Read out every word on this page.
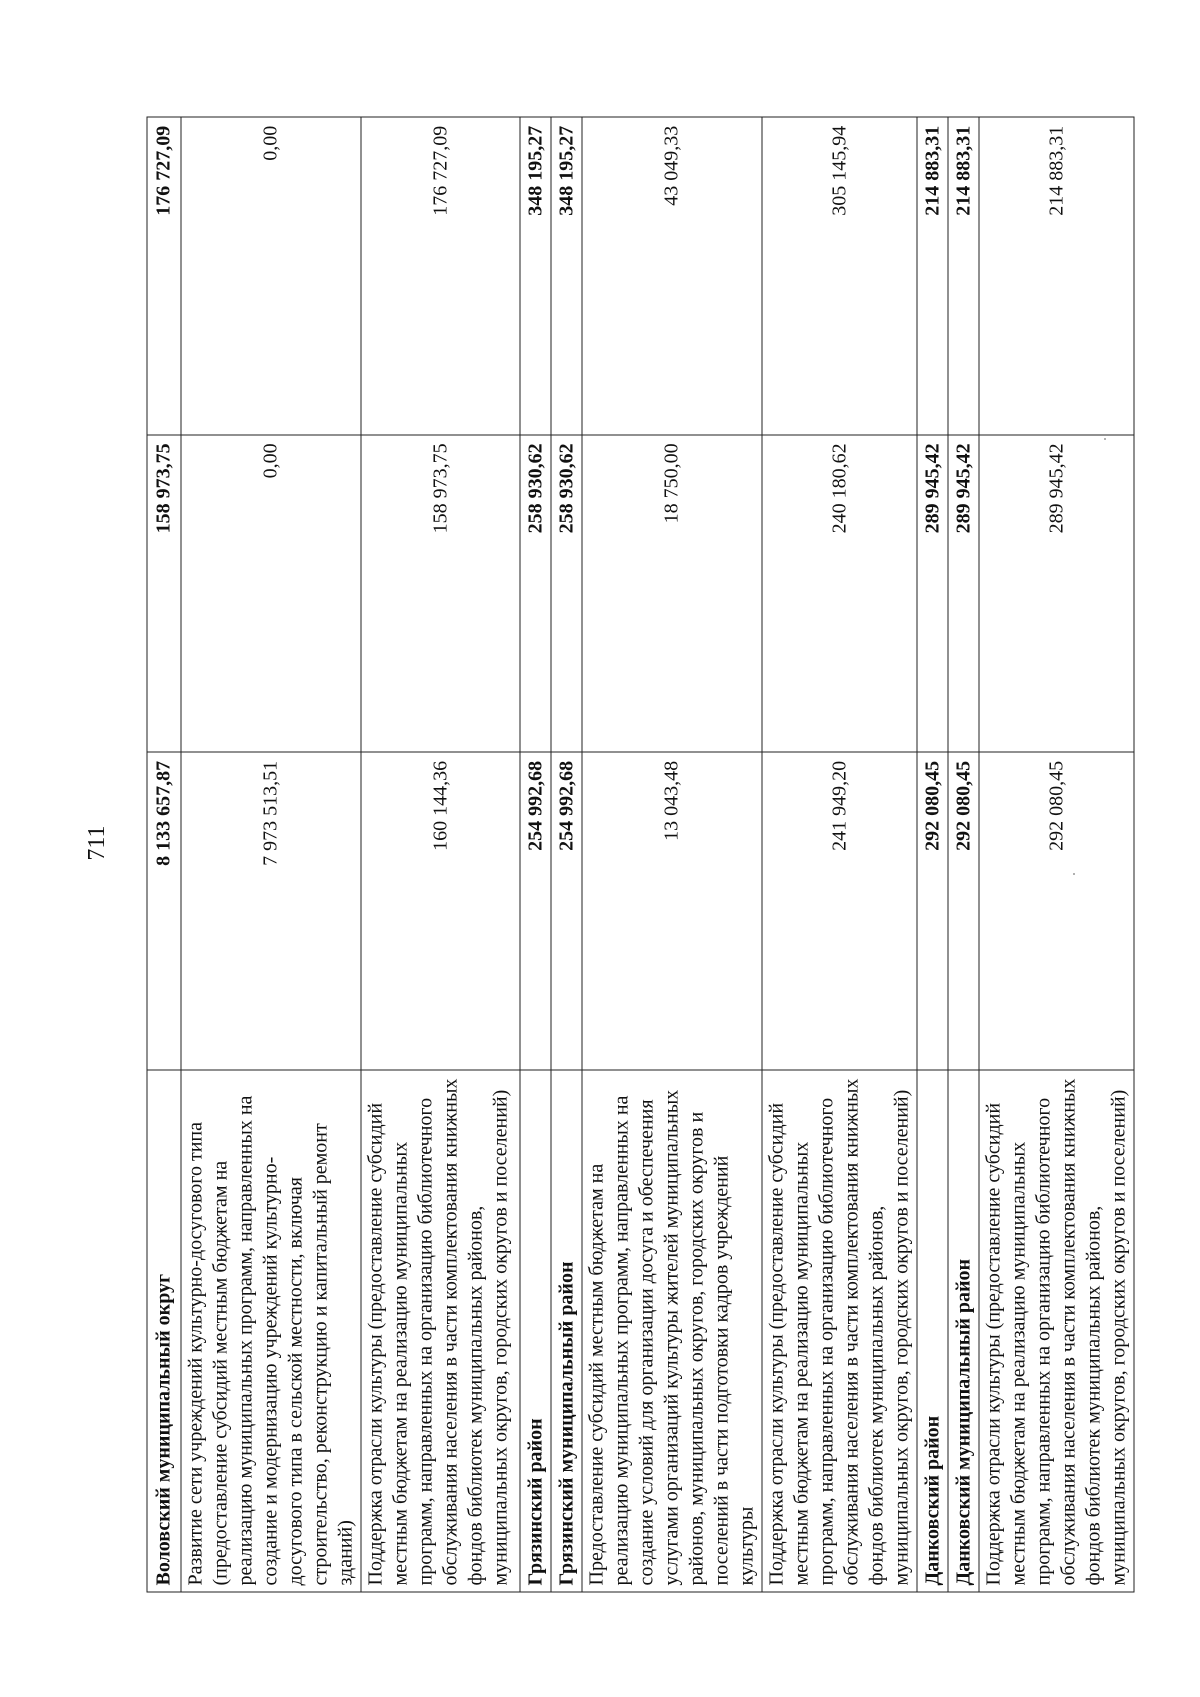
711
Воловский муниципальный округ	8 133 657,87	158 973,75	176 727,09
Развитие сети учреждений культурно-досугового типа (предоставление субсидий местным бюджетам на реализацию муниципальных программ, направленных на создание и модернизацию учреждений культурно-досугового типа в сельской местности, включая строительство, реконструкцию и капитальный ремонт зданий)	7 973 513,51	0,00	0,00
Поддержка отрасли культуры (предоставление субсидий местным бюджетам на реализацию муниципальных программ, направленных на организацию библиотечного обслуживания населения в части комплектования книжных фондов библиотек муниципальных районов, муниципальных округов, городских округов и поселений)	160 144,36	158 973,75	176 727,09
Грязинский район	254 992,68	258 930,62	348 195,27
Грязинский муниципальный район	254 992,68	258 930,62	348 195,27
Предоставление субсидий местным бюджетам на реализацию муниципальных программ, направленных на создание условий для организации досуга и обеспечения услугами организаций культуры жителей муниципальных районов, муниципальных округов, городских округов и поселений в части подготовки кадров учреждений культуры	13 043,48	18 750,00	43 049,33
Поддержка отрасли культуры (предоставление субсидий местным бюджетам на реализацию муниципальных программ, направленных на организацию библиотечного обслуживания населения в части комплектования книжных фондов библиотек муниципальных районов, муниципальных округов, городских округов и поселений)	241 949,20	240 180,62	305 145,94
Данковский район	292 080,45	289 945,42	214 883,31
Данковский муниципальный район	292 080,45	289 945,42	214 883,31
Поддержка отрасли культуры (предоставление субсидий местным бюджетам на реализацию муниципальных программ, направленных на организацию библиотечного обслуживания населения в части комплектования книжных фондов библиотек муниципальных районов, муниципальных округов, городских округов и поселений)	292 080,45	289 945,42	214 883,31
